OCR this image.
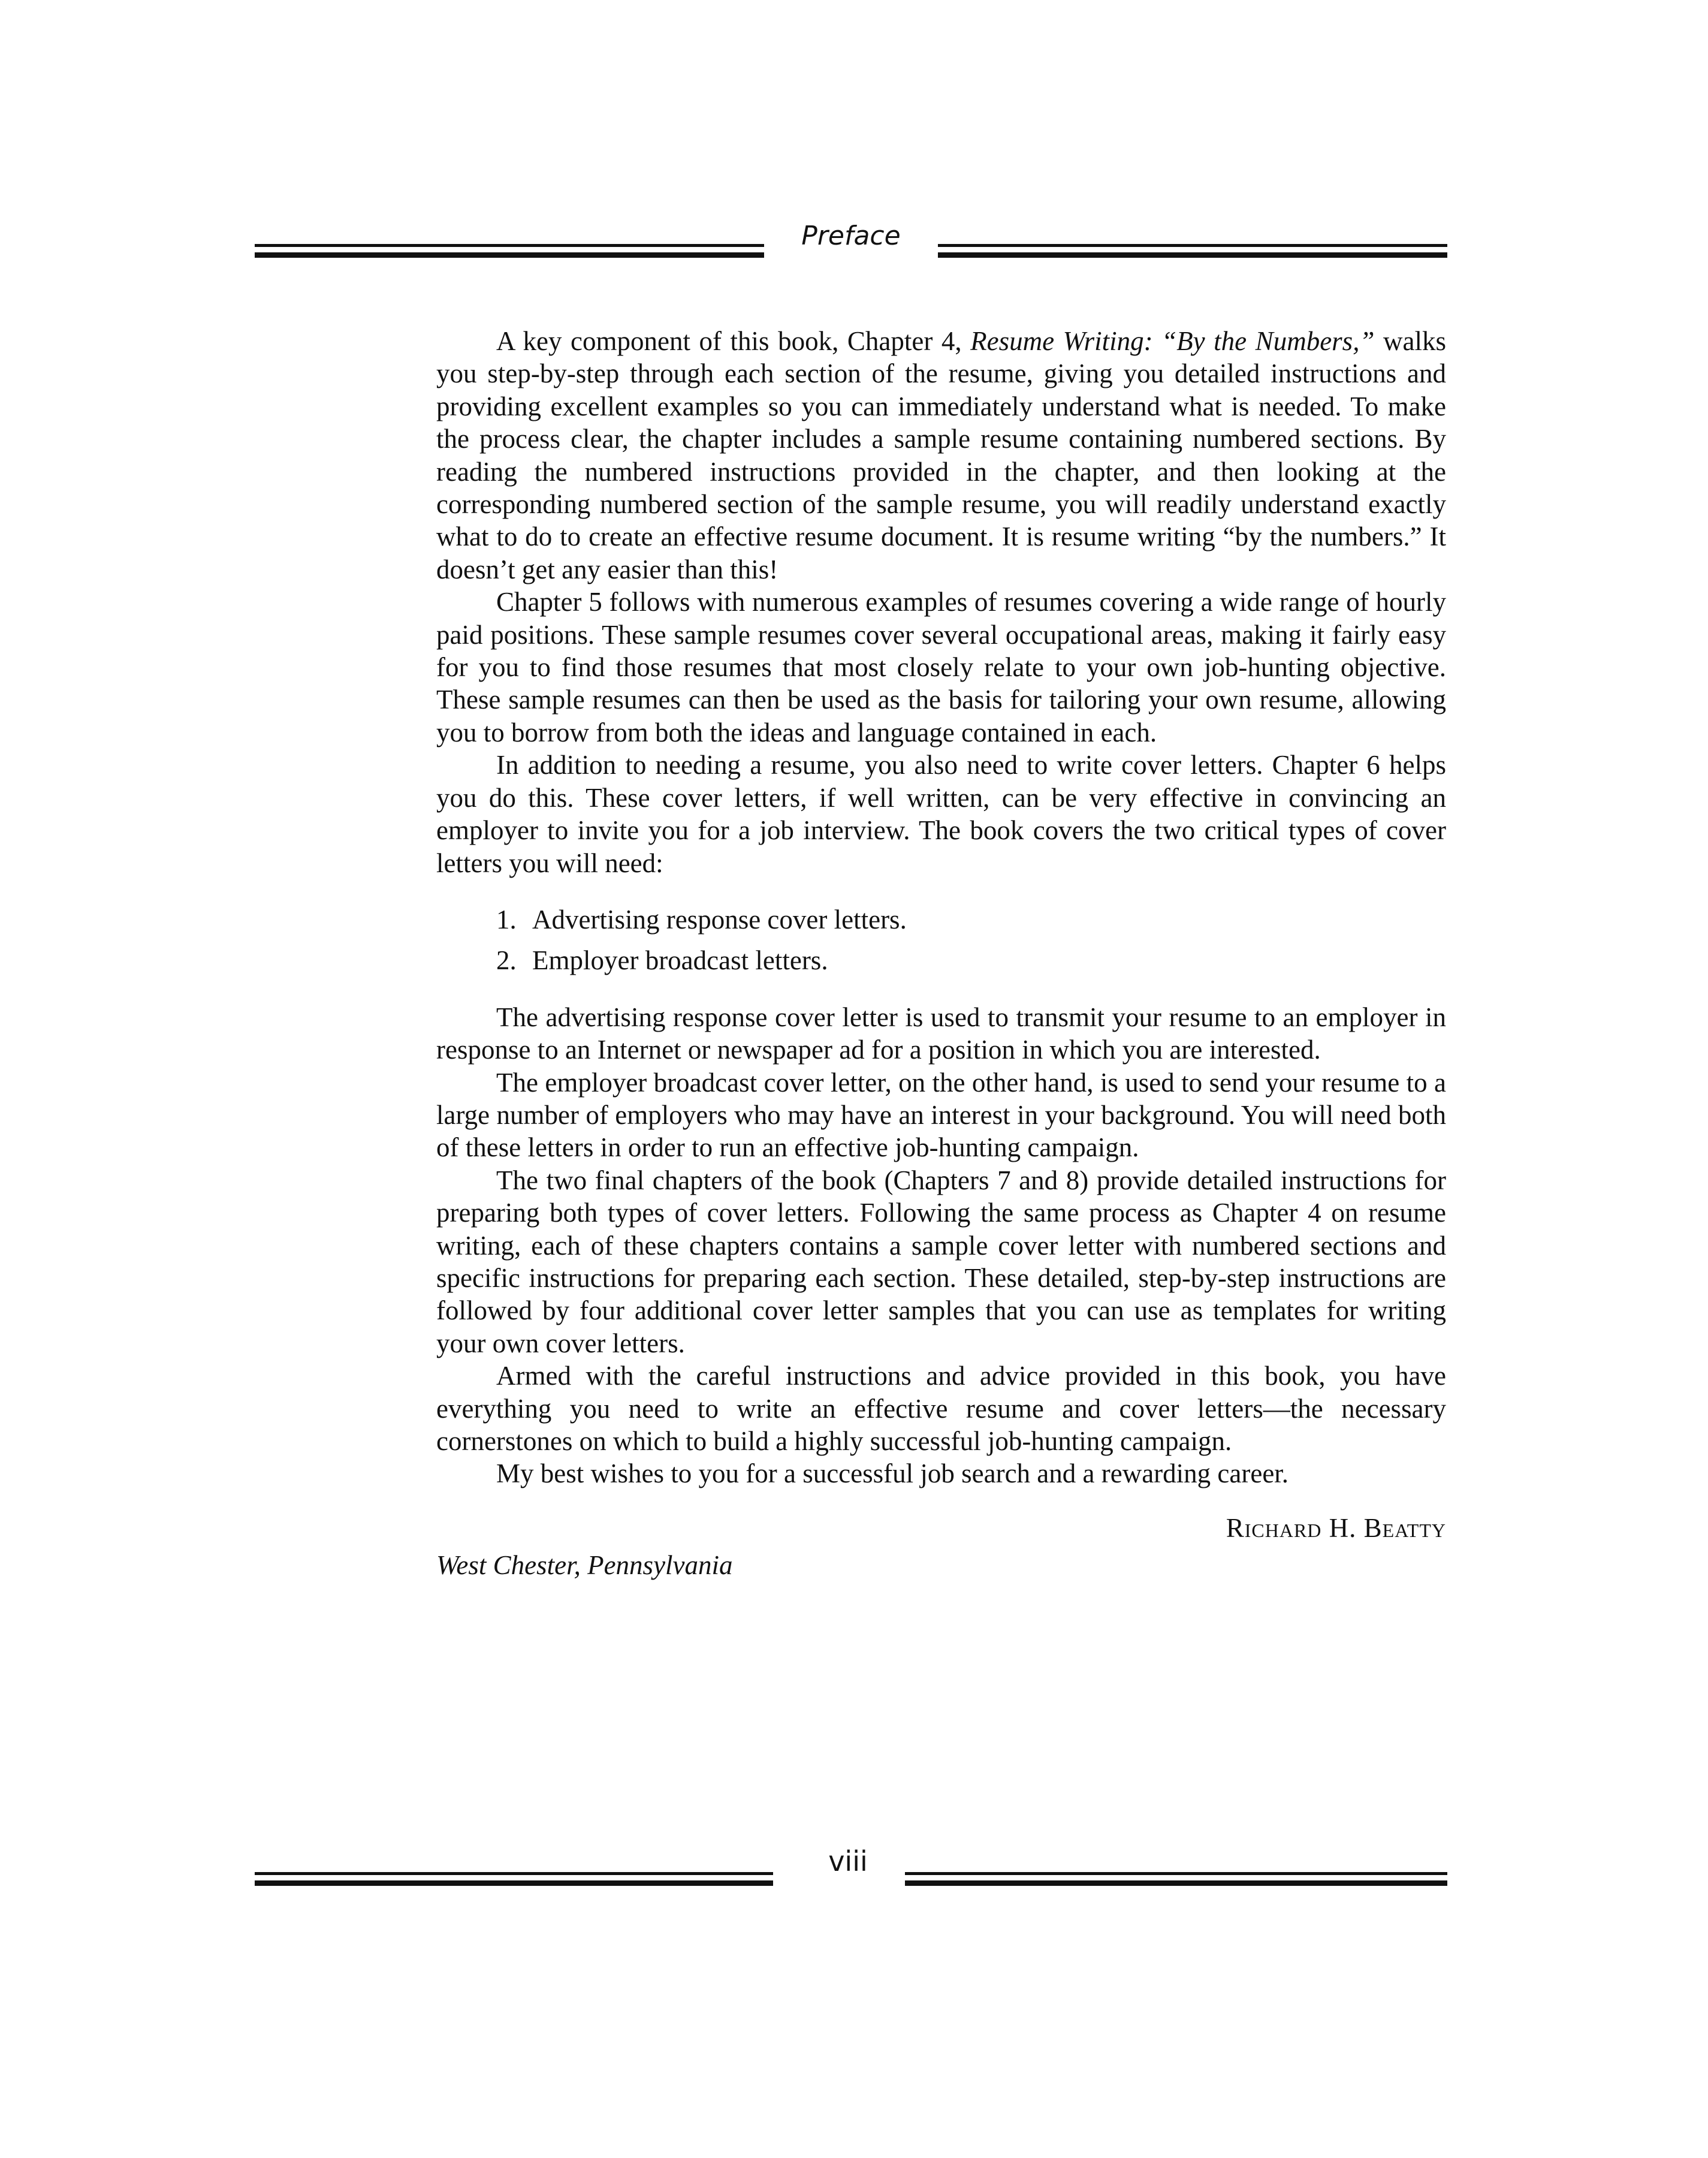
Preface

A key component of this book, Chapter 4, Resume Writing: “By the Numbers,” walks you step-by-step through each section of the resume, giving you detailed instructions and providing excellent examples so you can immediately understand what is needed. To make the process clear, the chapter includes a sample resume containing numbered sections. By reading the numbered instructions provided in the chapter, and then looking at the corresponding numbered section of the sample resume, you will readily understand exactly what to do to create an effective resume document. It is resume writing “by the numbers.” It doesn’t get any easier than this!

Chapter 5 follows with numerous examples of resumes covering a wide range of hourly paid positions. These sample resumes cover several occupational areas, making it fairly easy for you to find those resumes that most closely relate to your own job-hunting objective. These sample resumes can then be used as the basis for tailoring your own resume, allowing you to borrow from both the ideas and language contained in each.

In addition to needing a resume, you also need to write cover letters. Chapter 6 helps you do this. These cover letters, if well written, can be very effective in convincing an employer to invite you for a job interview. The book covers the two critical types of cover letters you will need:

1. Advertising response cover letters.
2. Employer broadcast letters.

The advertising response cover letter is used to transmit your resume to an employer in response to an Internet or newspaper ad for a position in which you are interested.

The employer broadcast cover letter, on the other hand, is used to send your resume to a large number of employers who may have an interest in your background. You will need both of these letters in order to run an effective job-hunting campaign.

The two final chapters of the book (Chapters 7 and 8) provide detailed instructions for preparing both types of cover letters. Following the same process as Chapter 4 on resume writing, each of these chapters contains a sample cover letter with numbered sections and specific instructions for preparing each section. These detailed, step-by-step instructions are followed by four additional cover letter samples that you can use as templates for writing your own cover letters.

Armed with the careful instructions and advice provided in this book, you have everything you need to write an effective resume and cover letters—the necessary cornerstones on which to build a highly successful job-hunting campaign.

My best wishes to you for a successful job search and a rewarding career.

Richard H. Beatty
West Chester, Pennsylvania
viii
